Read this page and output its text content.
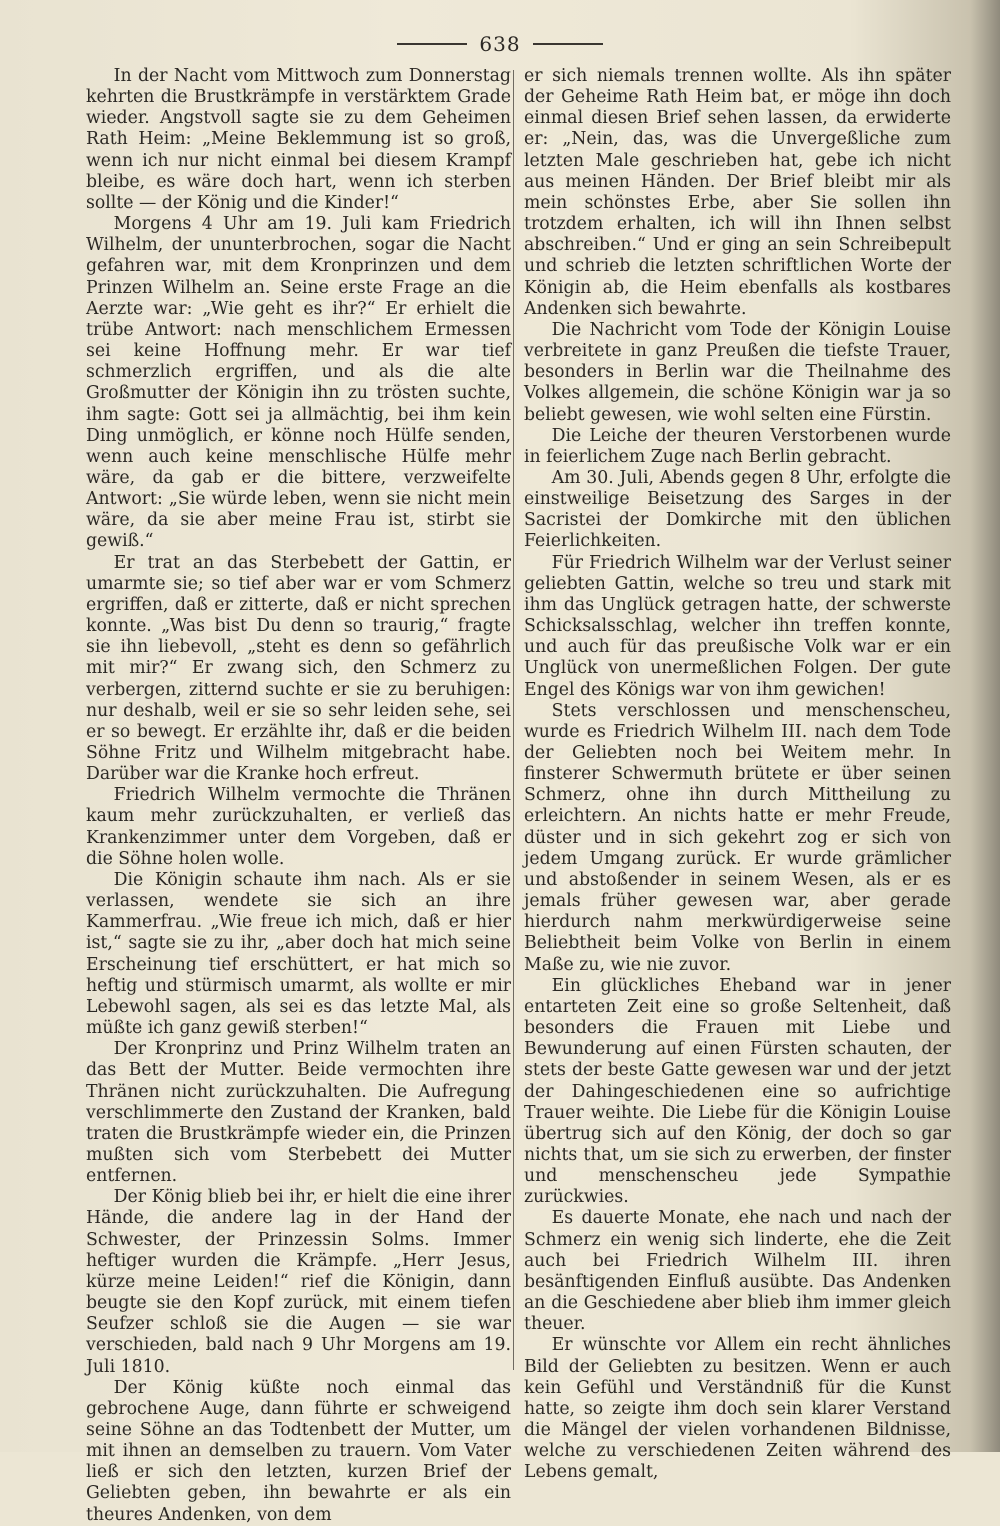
638

In der Nacht vom Mittwoch zum Donnerstag kehrten die Brustkrämpfe in verstärktem Grade wieder. Angstvoll sagte sie zu dem Geheimen Rath Heim: „Meine Beklemmung ist so groß, wenn ich nur nicht einmal bei diesem Krampf bleibe, es wäre doch hart, wenn ich sterben sollte — der König und die Kinder!“

Morgens 4 Uhr am 19. Juli kam Friedrich Wilhelm, der ununterbrochen, sogar die Nacht gefahren war, mit dem Kronprinzen und dem Prinzen Wilhelm an. Seine erste Frage an die Aerzte war: „Wie geht es ihr?“ Er erhielt die trübe Antwort: nach menschlichem Ermessen sei keine Hoffnung mehr. Er war tief schmerzlich ergriffen, und als die alte Großmutter der Königin ihn zu trösten suchte, ihm sagte: Gott sei ja allmächtig, bei ihm kein Ding unmöglich, er könne noch Hülfe senden, wenn auch keine menschlische Hülfe mehr wäre, da gab er die bittere, verzweifelte Antwort: „Sie würde leben, wenn sie nicht mein wäre, da sie aber meine Frau ist, stirbt sie gewiß.“

Er trat an das Sterbebett der Gattin, er umarmte sie; so tief aber war er vom Schmerz ergriffen, daß er zitterte, daß er nicht sprechen konnte. „Was bist Du denn so traurig,“ fragte sie ihn liebevoll, „steht es denn so gefährlich mit mir?“ Er zwang sich, den Schmerz zu verbergen, zitternd suchte er sie zu beruhigen: nur deshalb, weil er sie so sehr leiden sehe, sei er so bewegt. Er erzählte ihr, daß er die beiden Söhne Fritz und Wilhelm mitgebracht habe. Darüber war die Kranke hoch erfreut.

Friedrich Wilhelm vermochte die Thränen kaum mehr zurückzuhalten, er verließ das Krankenzimmer unter dem Vorgeben, daß er die Söhne holen wolle.

Die Königin schaute ihm nach. Als er sie verlassen, wendete sie sich an ihre Kammerfrau. „Wie freue ich mich, daß er hier ist,“ sagte sie zu ihr, „aber doch hat mich seine Erscheinung tief erschüttert, er hat mich so heftig und stürmisch umarmt, als wollte er mir Lebewohl sagen, als sei es das letzte Mal, als müßte ich ganz gewiß sterben!“

Der Kronprinz und Prinz Wilhelm traten an das Bett der Mutter. Beide vermochten ihre Thränen nicht zurückzuhalten. Die Aufregung verschlimmerte den Zustand der Kranken, bald traten die Brustkrämpfe wieder ein, die Prinzen mußten sich vom Sterbebett dei Mutter entfernen.

Der König blieb bei ihr, er hielt die eine ihrer Hände, die andere lag in der Hand der Schwester, der Prinzessin Solms. Immer heftiger wurden die Krämpfe. „Herr Jesus, kürze meine Leiden!“ rief die Königin, dann beugte sie den Kopf zurück, mit einem tiefen Seufzer schloß sie die Augen — sie war verschieden, bald nach 9 Uhr Morgens am 19. Juli 1810.

Der König küßte noch einmal das gebrochene Auge, dann führte er schweigend seine Söhne an das Todtenbett der Mutter, um mit ihnen an demselben zu trauern. Vom Vater ließ er sich den letzten, kurzen Brief der Geliebten geben, ihn bewahrte er als ein theures Andenken, von dem

er sich niemals trennen wollte. Als ihn später der Geheime Rath Heim bat, er möge ihn doch einmal diesen Brief sehen lassen, da erwiderte er: „Nein, das, was die Unvergeßliche zum letzten Male geschrieben hat, gebe ich nicht aus meinen Händen. Der Brief bleibt mir als mein schönstes Erbe, aber Sie sollen ihn trotzdem erhalten, ich will ihn Ihnen selbst abschreiben.“ Und er ging an sein Schreibepult und schrieb die letzten schriftlichen Worte der Königin ab, die Heim ebenfalls als kostbares Andenken sich bewahrte.

Die Nachricht vom Tode der Königin Louise verbreitete in ganz Preußen die tiefste Trauer, besonders in Berlin war die Theilnahme des Volkes allgemein, die schöne Königin war ja so beliebt gewesen, wie wohl selten eine Fürstin.

Die Leiche der theuren Verstorbenen wurde in feierlichem Zuge nach Berlin gebracht.

Am 30. Juli, Abends gegen 8 Uhr, erfolgte die einstweilige Beisetzung des Sarges in der Sacristei der Domkirche mit den üblichen Feierlichkeiten.

Für Friedrich Wilhelm war der Verlust seiner geliebten Gattin, welche so treu und stark mit ihm das Unglück getragen hatte, der schwerste Schicksalsschlag, welcher ihn treffen konnte, und auch für das preußische Volk war er ein Unglück von unermeßlichen Folgen. Der gute Engel des Königs war von ihm gewichen!

Stets verschlossen und menschenscheu, wurde es Friedrich Wilhelm III. nach dem Tode der Geliebten noch bei Weitem mehr. In finsterer Schwermuth brütete er über seinen Schmerz, ohne ihn durch Mittheilung zu erleichtern. An nichts hatte er mehr Freude, düster und in sich gekehrt zog er sich von jedem Umgang zurück. Er wurde grämlicher und abstoßender in seinem Wesen, als er es jemals früher gewesen war, aber gerade hierdurch nahm merkwürdigerweise seine Beliebtheit beim Volke von Berlin in einem Maße zu, wie nie zuvor.

Ein glückliches Eheband war in jener entarteten Zeit eine so große Seltenheit, daß besonders die Frauen mit Liebe und Bewunderung auf einen Fürsten schauten, der stets der beste Gatte gewesen war und der jetzt der Dahingeschiedenen eine so aufrichtige Trauer weihte. Die Liebe für die Königin Louise übertrug sich auf den König, der doch so gar nichts that, um sie sich zu erwerben, der finster und menschenscheu jede Sympathie zurückwies.

Es dauerte Monate, ehe nach und nach der Schmerz ein wenig sich linderte, ehe die Zeit auch bei Friedrich Wilhelm III. ihren besänftigenden Einfluß ausübte. Das Andenken an die Geschiedene aber blieb ihm immer gleich theuer.

Er wünschte vor Allem ein recht ähnliches Bild der Geliebten zu besitzen. Wenn er auch kein Gefühl und Verständniß für die Kunst hatte, so zeigte ihm doch sein klarer Verstand die Mängel der vielen vorhandenen Bildnisse, welche zu verschiedenen Zeiten während des Lebens gemalt,
